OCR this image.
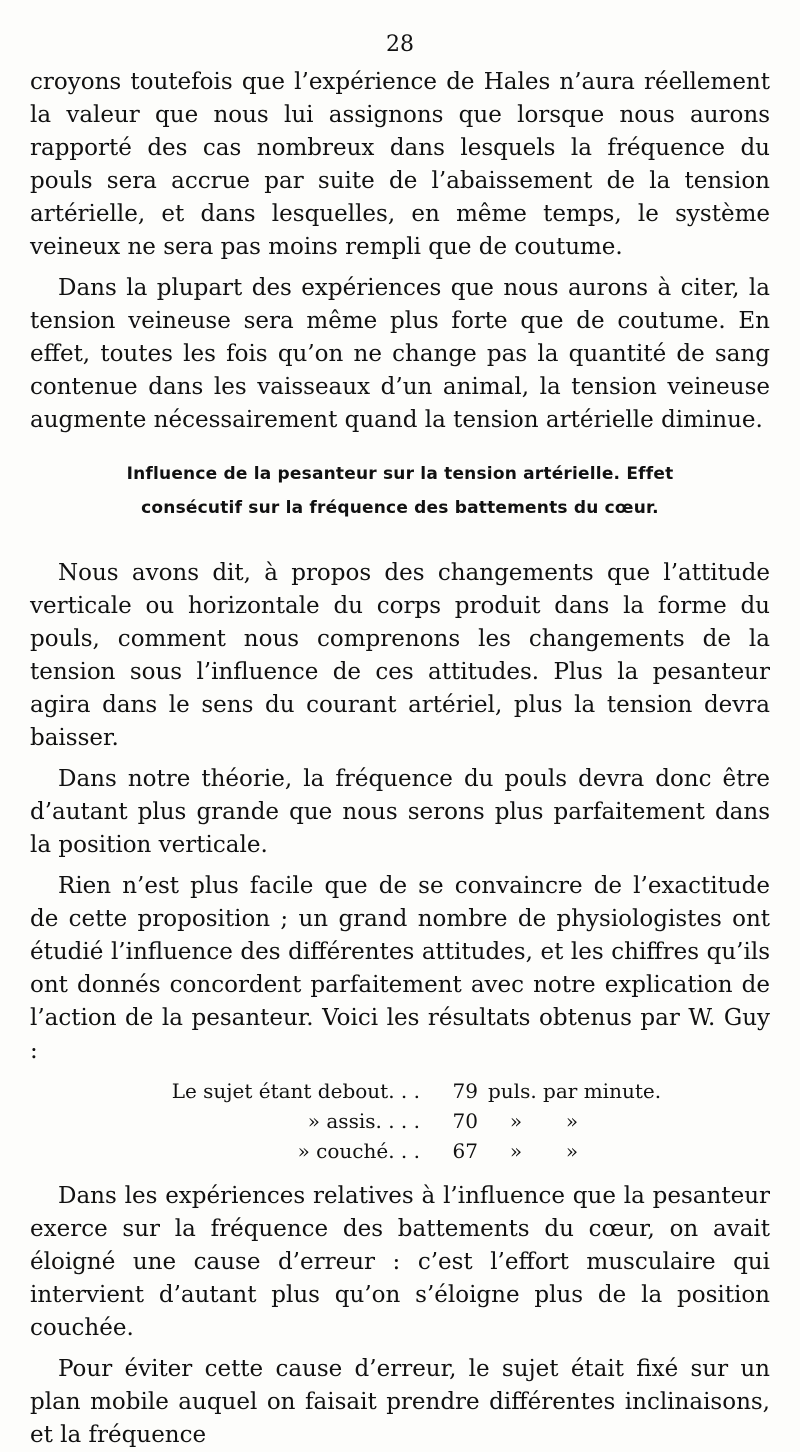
28

croyons toutefois que l’expérience de Hales n’aura réellement la valeur que nous lui assignons que lorsque nous aurons rapporté des cas nombreux dans lesquels la fréquence du pouls sera accrue par suite de l’abaissement de la tension artérielle, et dans lesquelles, en même temps, le système veineux ne sera pas moins rempli que de coutume.

Dans la plupart des expériences que nous aurons à citer, la tension veineuse sera même plus forte que de coutume. En effet, toutes les fois qu’on ne change pas la quantité de sang contenue dans les vaisseaux d’un animal, la tension veineuse augmente nécessairement quand la tension artérielle diminue.

Influence de la pesanteur sur la tension artérielle. Effet
consécutif sur la fréquence des battements du cœur.

Nous avons dit, à propos des changements que l’attitude verticale ou horizontale du corps produit dans la forme du pouls, comment nous comprenons les changements de la tension sous l’influence de ces attitudes. Plus la pesanteur agira dans le sens du courant artériel, plus la tension devra baisser.

Dans notre théorie, la fréquence du pouls devra donc être d’autant plus grande que nous serons plus parfaitement dans la position verticale.

Rien n’est plus facile que de se convaincre de l’exactitude de cette proposition ; un grand nombre de physiologistes ont étudié l’influence des différentes attitudes, et les chiffres qu’ils ont donnés concordent parfaitement avec notre explication de l’action de la pesanteur. Voici les résultats obtenus par W. Guy :

Le sujet étant debout. . .	79	puls. par minute.
» assis. . . .	70	» »
» couché. . .	67	» »

Dans les expériences relatives à l’influence que la pesanteur exerce sur la fréquence des battements du cœur, on avait éloigné une cause d’erreur : c’est l’effort musculaire qui intervient d’autant plus qu’on s’éloigne plus de la position couchée.

Pour éviter cette cause d’erreur, le sujet était fixé sur un plan mobile auquel on faisait prendre différentes inclinaisons, et la fréquence
